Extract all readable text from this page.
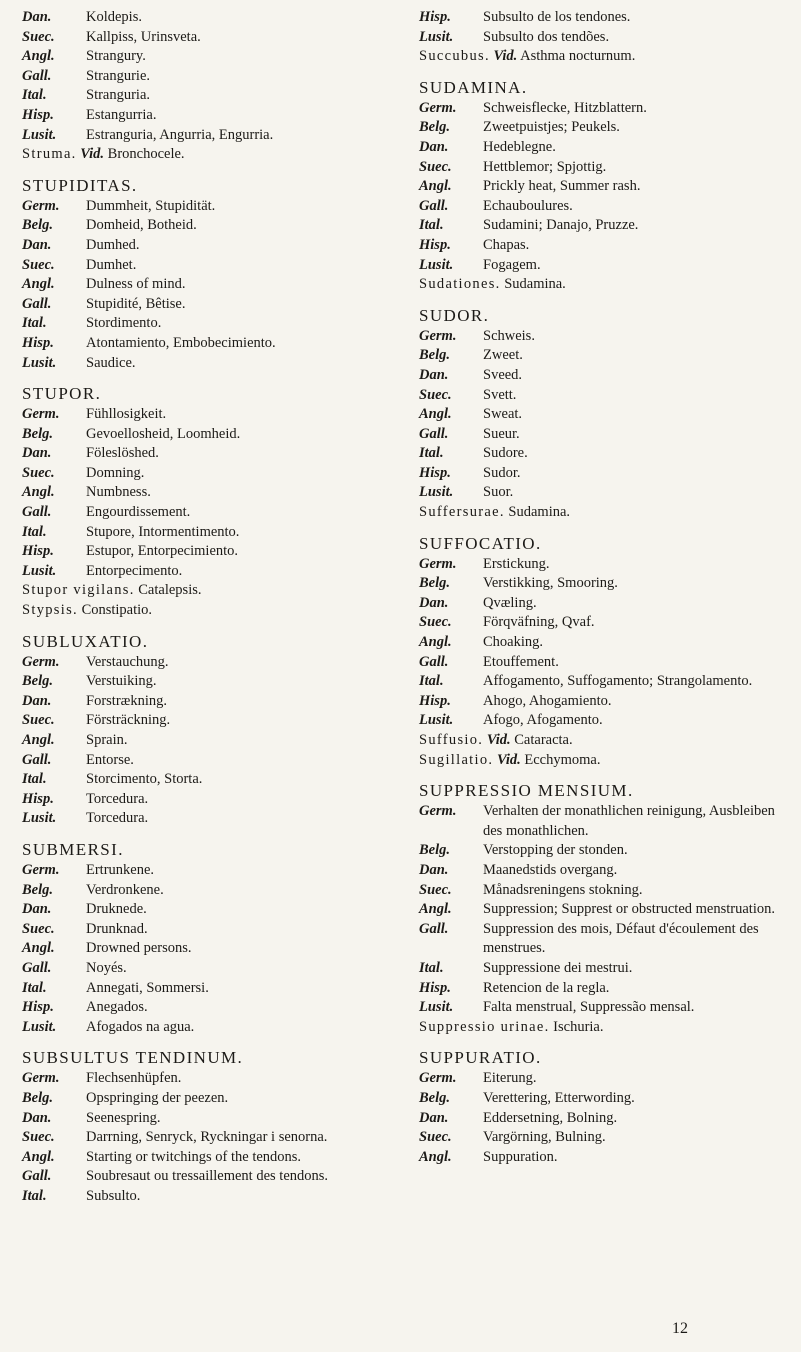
Dan. Koldepis.
Suec. Kallpiss, Urinsveta.
Angl. Strangury.
Gall. Strangurie.
Ital.	Stranguria.
Hisp. Estangurria.
Lusit. Estranguria, Angurria, Engurria.
Struma. Vid. Bronchocele.
STUPIDITAS.
Germ. Dummheit, Stupidität.
Belg. Domheid, Botheid.
Dan. Dumhed.
Suec. Dumhet.
Angl. Dulness of mind.
Gall. Stupidité, Bêtise.
Ital.	Stordimento.
Hisp. Atontamiento, Embobecimiento.
Lusit. Saudice.
STUPOR.
Germ. Fühllosigkeit.
Belg. Gevoellosheid, Loomheid.
Dan. Föleslöshed.
Suec. Domning.
Angl. Numbness.
Gall. Engourdissement.
Ital.	Stupore, Intormentimento.
Hisp. Estupor, Entorpecimiento.
Lusit. Entorpecimento.
Stupor vigilans. Catalepsis.
Stypsis. Constipatio.
SUBLUXATIO.
Germ. Verstauchung.
Belg. Verstuiking.
Dan. Forstrækning.
Suec. Försträckning.
Angl. Sprain.
Gall. Entorse.
Ital.	Storcimento, Storta.
Hisp. Torcedura.
Lusit. Torcedura.
SUBMERSI.
Germ. Ertrunkene.
Belg. Verdronkene.
Dan. Druknede.
Suec. Drunknad.
Angl. Drowned persons.
Gall. Noyés.
Ital.	Annegati, Sommersi.
Hisp. Anegados.
Lusit. Afogados na agua.
SUBSULTUS TENDINUM.
Germ. Flechsenhüpfen.
Belg. Opspringing der peezen.
Dan. Seenespring.
Suec. Darrning, Senryck, Ryckningar i senorna.
Angl. Starting or twitchings of the tendons.
Gall. Soubresaut ou tressaillement des tendons.
Ital.	Subsulto.
Hisp. Subsulto de los tendones.
Lusit. Subsulto dos tendões.
Succubus. Vid. Asthma nocturnum.
SUDAMINA.
Germ. Schweisflecke, Hitzblattern.
Belg. Zweetpuistjes; Peukels.
Dan. Hedeblegne.
Suec. Hettblemor; Spjottig.
Angl. Prickly heat, Summer rash.
Gall. Echauboulures.
Ital.	Sudamini; Danajo, Pruzze.
Hisp. Chapas.
Lusit. Fogagem.
Sudationes. Sudamina.
SUDOR.
Germ. Schweis.
Belg. Zweet.
Dan. Sveed.
Suec. Svett.
Angl. Sweat.
Gall. Sueur.
Ital.	Sudore.
Hisp. Sudor.
Lusit. Suor.
Suffersurae. Sudamina.
SUFFOCATIO.
Germ. Erstickung.
Belg. Verstikking, Smooring.
Dan. Qvæling.
Suec. Förqväfning, Qvaf.
Angl. Choaking.
Gall. Etouffement.
Ital.	Affogamento, Suffogamento; Strangolamento.
Hisp. Ahogo, Ahogamiento.
Lusit. Afogo, Afogamento.
Suffusio. Vid. Cataracta.
Sugillatio. Vid. Ecchymoma.
SUPPRESSIO MENSIUM.
Germ. Verhalten der monathlichen reinigung, Ausbleiben des monathlichen.
Belg. Verstopping der stonden.
Dan. Maanedstids overgang.
Suec. Månadsreningens stokning.
Angl. Suppression; Supprest or obstructed menstruation.
Gall. Suppression des mois, Défaut d'écoulement des menstrues.
Ital.	Suppressione dei mestrui.
Hisp. Retencion de la regla.
Lusit. Falta menstrual, Suppressão mensal.
Suppressio urinae. Ischuria.
SUPPURATIO.
Germ. Eiterung.
Belg. Verettering, Etterwording.
Dan. Eddersetning, Bolning.
Suec. Vargörning, Bulning.
Angl. Suppuration.
12
